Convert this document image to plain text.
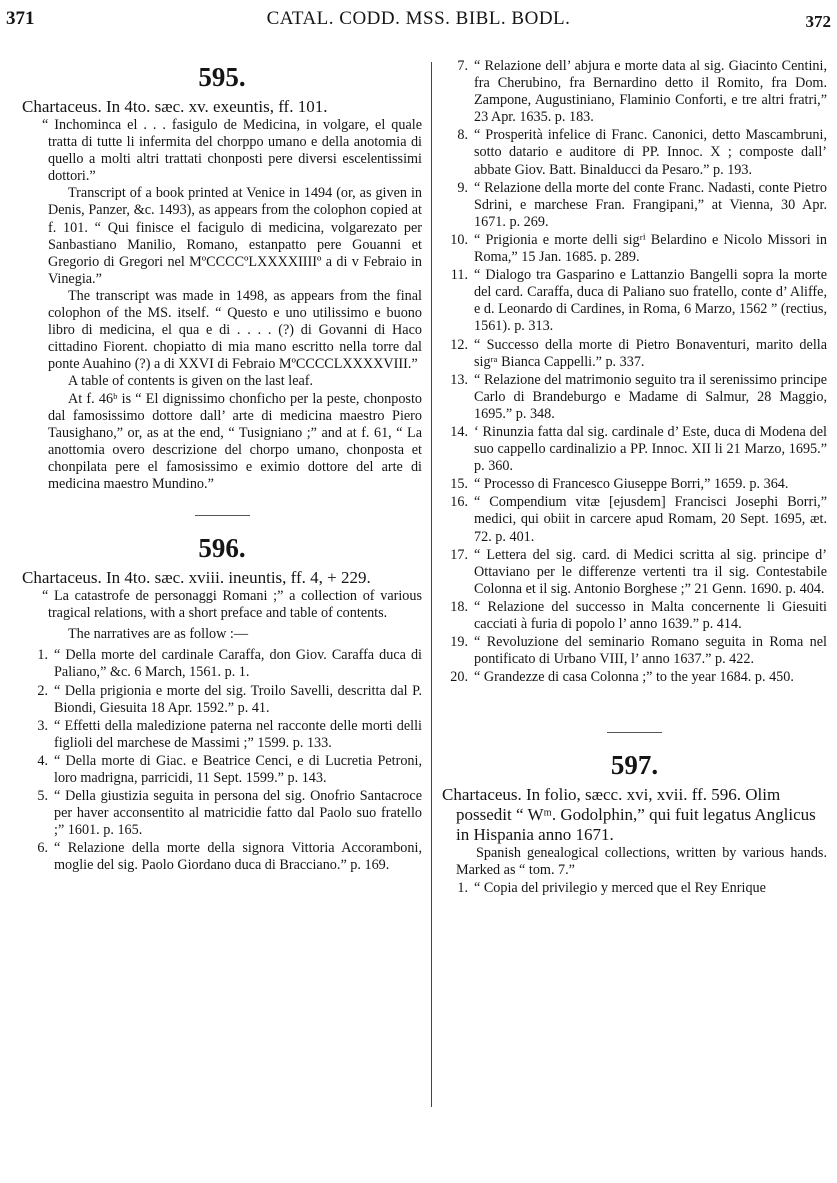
371	CATAL. CODD. MSS. BIBL. BODL.	372
595.
Chartaceus. In 4to. sæc. xv. exeuntis, ff. 101.

“ Inchominca el . . . fasigulo de Medicina, in volgare, el quale tratta di tutte li infermita del chorppo umano e della anotomia di quello a molti altri trattati chonposti pere diversi escelentissimi dottori.”

Transcript of a book printed at Venice in 1494 (or, as given in Denis, Panzer, &c. 1493), as appears from the colophon copied at f. 101. “ Qui finisce el facigulo di medicina, volgarezato per Sanbastiano Manilio, Romano, estanpatto pere Gouanni et Gregorio di Gregori nel MºCCCCºLXXXXIIIIº a di v Febraio in Vinegia.”

The transcript was made in 1498, as appears from the final colophon of the MS. itself. “ Questo e uno utilissimo e buono libro di medicina, el qua e di . . . . (?) di Govanni di Haco cittadino Fiorent. chopiatto di mia mano escritto nella torre dal ponte Auahino (?) a di XXVI di Febraio MºCCCCLXXXXVIII.”

A table of contents is given on the last leaf.

At f. 46ᵇ is “ El dignissimo chonficho per la peste, chonposto dal famosissimo dottore dall’ arte di medicina maestro Piero Tausighano,” or, as at the end, “ Tusigniano ;” and at f. 61, “ La anottomia overo descrizione del chorpo umano, chonposta et chonpilata pere el famosissimo e eximio dottore del arte di medicina maestro Mundino.”

596.
Chartaceus. In 4to. sæc. xviii. ineuntis, ff. 4, + 229.

“ La catastrofe de personaggi Romani ;” a collection of various tragical relations, with a short preface and table of contents.

The narratives are as follow :—

1. “ Della morte del cardinale Caraffa, don Giov. Caraffa duca di Paliano,” &c. 6 March, 1561. p. 1.
2. “ Della prigionia e morte del sig. Troilo Savelli, descritta dal P. Biondi, Giesuita 18 Apr. 1592.” p. 41.
3. “ Effetti della maledizione paterna nel racconte delle morti delli figlioli del marchese de Massimi ;” 1599. p. 133.
4. “ Della morte di Giac. e Beatrice Cenci, e di Lucretia Petroni, loro madrigna, parricidi, 11 Sept. 1599.” p. 143.
5. “ Della giustizia seguita in persona del sig. Onofrio Santacroce per haver acconsentito al matricidie fatto dal Paolo suo fratello ;” 1601. p. 165.
6. “ Relazione della morte della signora Vittoria Accoramboni, moglie del sig. Paolo Giordano duca di Bracciano.” p. 169.
7. “ Relazione dell’ abjura e morte data al sig. Giacinto Centini, fra Cherubino, fra Bernardino detto il Romito, fra Dom. Zampone, Augustiniano, Flaminio Conforti, e tre altri fratri,” 23 Apr. 1635. p. 183.
8. “ Prosperità infelice di Franc. Canonici, detto Mascambruni, sotto datario e auditore di PP. Innoc. X ; composte dall’ abbate Giov. Batt. Binalducci da Pesaro.” p. 193.
9. “ Relazione della morte del conte Franc. Nadasti, conte Pietro Sdrini, e marchese Fran. Frangipani,” at Vienna, 30 Apr. 1671. p. 269.
10. “ Prigionia e morte delli sigʳⁱ Belardino e Nicolo Missori in Roma,” 15 Jan. 1685. p. 289.
11. “ Dialogo tra Gasparino e Lattanzio Bangelli sopra la morte del card. Caraffa, duca di Paliano suo fratello, conte d’ Aliffe, e d. Leonardo di Cardines, in Roma, 6 Marzo, 1562 ” (rectius, 1561). p. 313.
12. “ Successo della morte di Pietro Bonaventuri, marito della sigʳᵃ Bianca Cappelli.” p. 337.
13. “ Relazione del matrimonio seguito tra il serenissimo principe Carlo di Brandeburgo e Madame di Salmur, 28 Maggio, 1695.” p. 348.
14. ‘ Rinunzia fatta dal sig. cardinale d’ Este, duca di Modena del suo cappello cardinalizio a PP. Innoc. XII li 21 Marzo, 1695.” p. 360.
15. “ Processo di Francesco Giuseppe Borri,” 1659. p. 364.
16. “ Compendium vitæ [ejusdem] Francisci Josephi Borri,” medici, qui obiit in carcere apud Romam, 20 Sept. 1695, æt. 72. p. 401.
17. “ Lettera del sig. card. di Medici scritta al sig. principe d’ Ottaviano per le differenze vertenti tra il sig. Contestabile Colonna et il sig. Antonio Borghese ;” 21 Genn. 1690. p. 404.
18. “ Relazione del successo in Malta concernente li Giesuiti cacciati à furia di popolo l’ anno 1639.” p. 414.
19. “ Revoluzione del seminario Romano seguita in Roma nel pontificato di Urbano VIII, l’ anno 1637.” p. 422.
20. “ Grandezze di casa Colonna ;” to the year 1684. p. 450.
597.
Chartaceus. In folio, sæcc. xvi, xvii. ff. 596. Olim possedit “ Wᵐ. Godolphin,” qui fuit legatus Anglicus in Hispania anno 1671.

Spanish genealogical collections, written by various hands. Marked as “ tom. 7.”

1. “ Copia del privilegio y merced que el Rey Enrique
